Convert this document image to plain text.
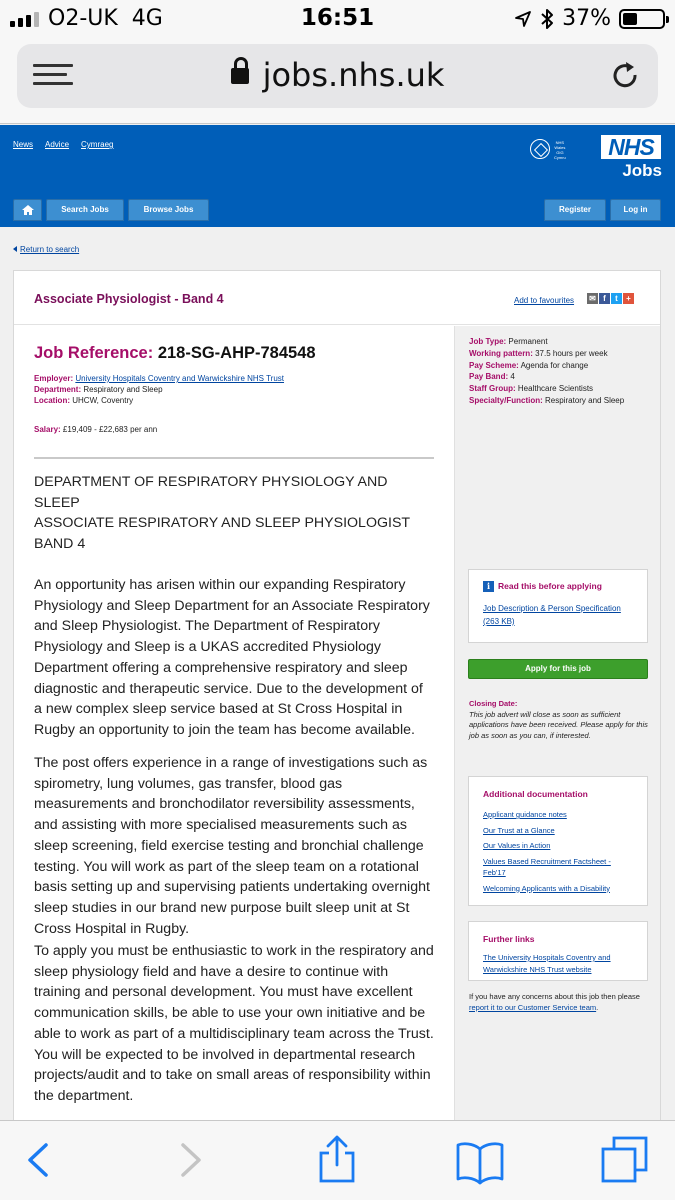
O2-UK 4G	16:51	37%
jobs.nhs.uk
News Advice Cymraeg	NHS
Wales
GIG
Cymru	NHS
Jobs
Search Jobs	Browse Jobs	Register	Log in
Return to search
Associate Physiologist - Band 4	Add to favourites ✉ f	t	+
Job Reference: 218-SG-AHP-784548
Employer: University Hospitals Coventry and Warwickshire NHS Trust
Department: Respiratory and Sleep
Location: UHCW, Coventry
Salary: £19,409 - £22,683 per ann
DEPARTMENT OF RESPIRATORY PHYSIOLOGY AND SLEEP
ASSOCIATE RESPIRATORY AND SLEEP PHYSIOLOGIST BAND 4
An opportunity has arisen within our expanding Respiratory Physiology and Sleep Department for an Associate Respiratory and Sleep Physiologist. The Department of Respiratory Physiology and Sleep is a UKAS accredited Physiology Department offering a comprehensive respiratory and sleep diagnostic and therapeutic service. Due to the development of a new complex sleep service based at St Cross Hospital in Rugby an opportunity to join the team has become available.
The post offers experience in a range of investigations such as spirometry, lung volumes, gas transfer, blood gas measurements and bronchodilator reversibility assessments, and assisting with more specialised measurements such as sleep screening, field exercise testing and bronchial challenge testing. You will work as part of the sleep team on a rotational basis setting up and supervising patients undertaking overnight sleep studies in our brand new purpose built sleep unit at St Cross Hospital in Rugby.
To apply you must be enthusiastic to work in the respiratory and sleep physiology field and have a desire to continue with training and personal development. You must have excellent communication skills, be able to use your own initiative and be able to work as part of a multidisciplinary team across the Trust. You will be expected to be involved in departmental research projects/audit and to take on small areas of responsibility within the department.
Job Type: Permanent
Working pattern: 37.5 hours per week
Pay Scheme: Agenda for change
Pay Band: 4
Staff Group: Healthcare Scientists
Specialty/Function: Respiratory and Sleep
i Read this before applying
Job Description & Person Specification (263 KB)
Apply for this job
Closing Date:
This job advert will close as soon as sufficient applications have been received. Please apply for this job as soon as you can, if interested.
Additional documentation
Applicant guidance notes
Our Trust at a Glance
Our Values in Action
Values Based Recruitment Factsheet - Feb'17
Welcoming Applicants with a Disability
Further links
The University Hospitals Coventry and Warwickshire NHS Trust website
If you have any concerns about this job then please report it to our Customer Service team.
